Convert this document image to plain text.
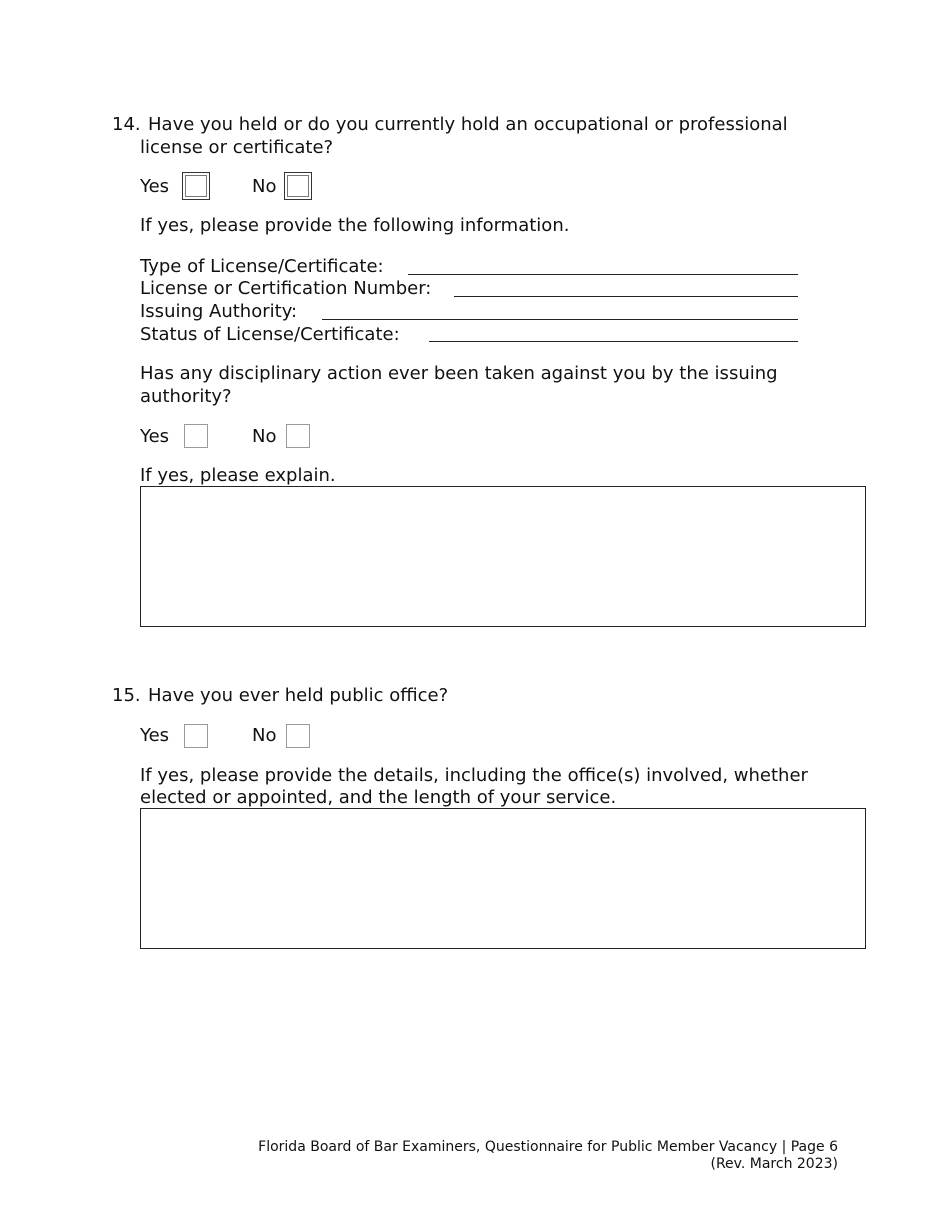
14. Have you held or do you currently hold an occupational or professional
license or certificate?
Yes	No
If yes, please provide the following information.
Type of License/Certificate:
License or Certification Number:
Issuing Authority:
Status of License/Certificate:
Has any disciplinary action ever been taken against you by the issuing
authority?
Yes	No
If yes, please explain.
15. Have you ever held public office?
Yes	No
If yes, please provide the details, including the office(s) involved, whether
elected or appointed, and the length of your service.
Florida Board of Bar Examiners, Questionnaire for Public Member Vacancy | Page 6
(Rev. March 2023)
